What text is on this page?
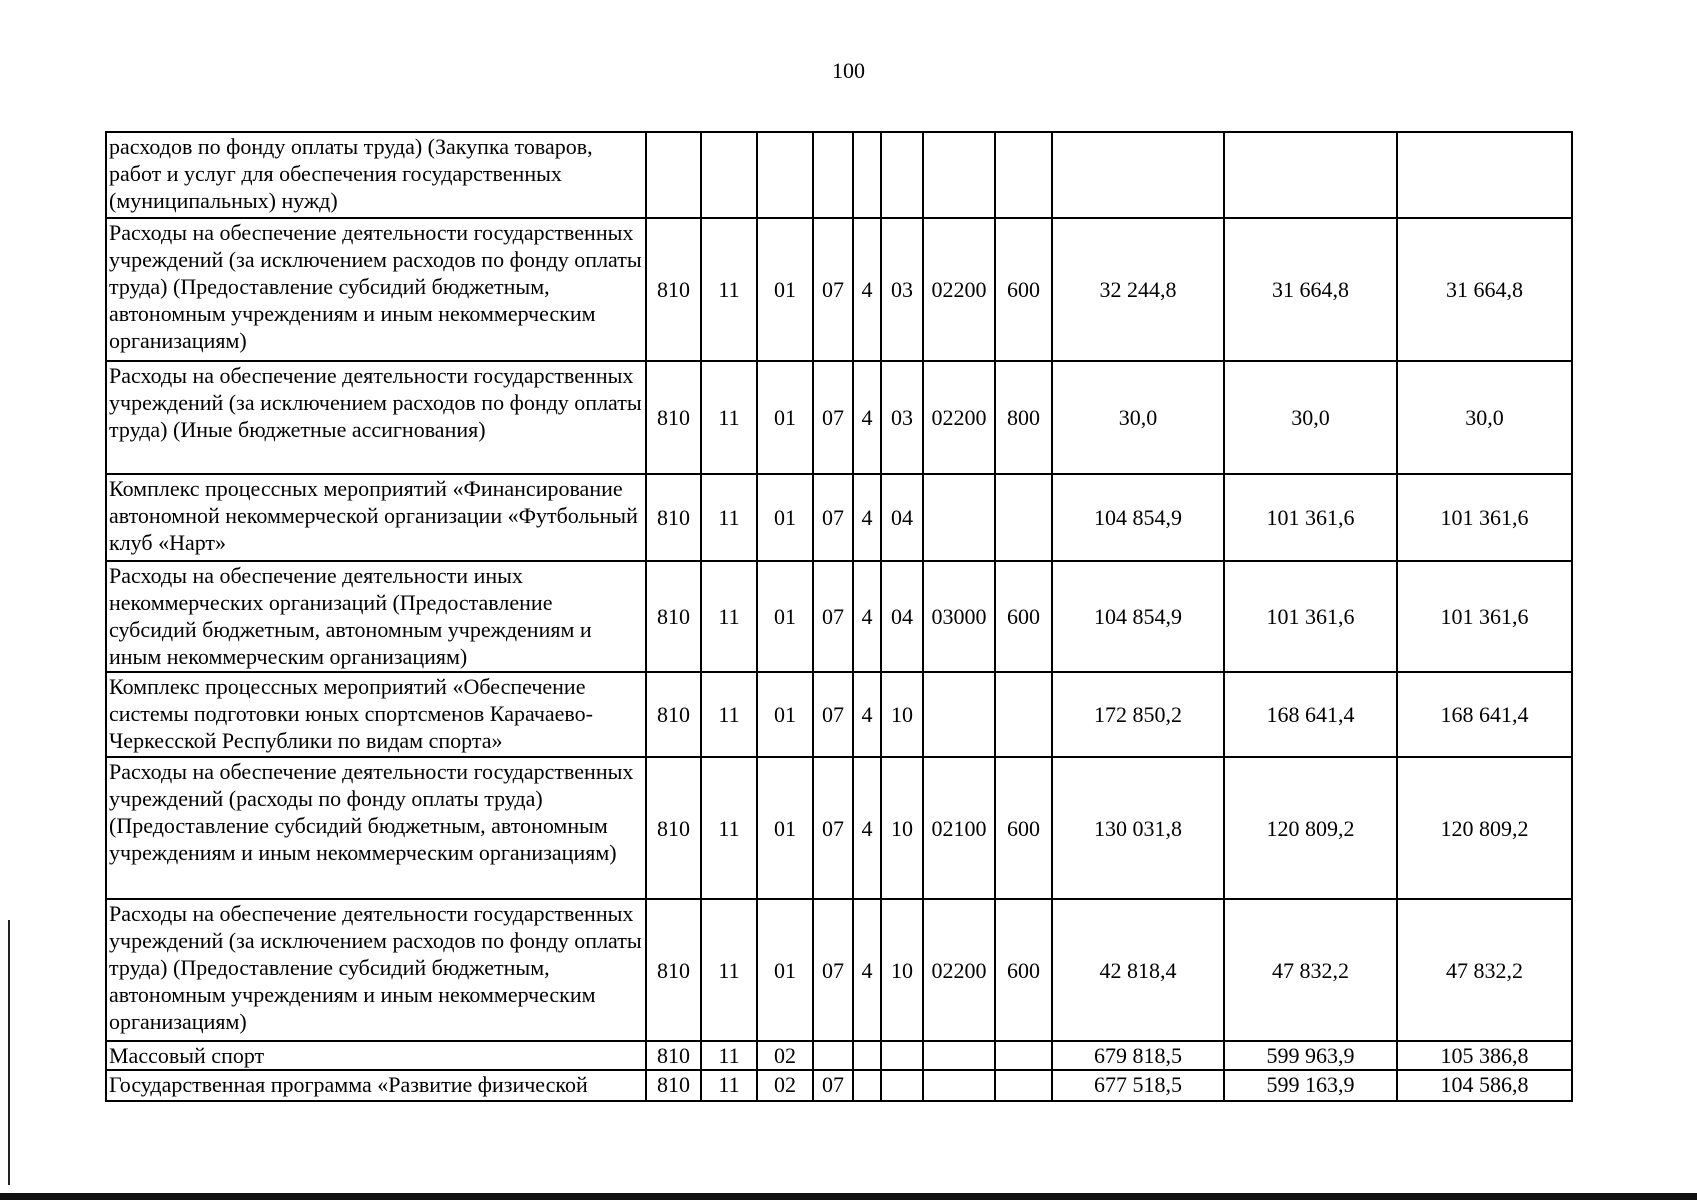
100
расходов по фонду оплаты труда) (Закупка товаров, работ и услуг для обеспечения государственных (муниципальных) нужд)											
Расходы на обеспечение деятельности государственных учреждений (за исключением расходов по фонду оплаты труда) (Предоставление субсидий бюджетным, автономным учреждениям и иным некоммерческим организациям)	810	11	01	07	4	03	02200	600	32 244,8	31 664,8	31 664,8
Расходы на обеспечение деятельности государственных учреждений (за исключением расходов по фонду оплаты труда) (Иные бюджетные ассигнования)	810	11	01	07	4	03	02200	800	30,0	30,0	30,0
Комплекс процессных мероприятий «Финансирование автономной некоммерческой организации «Футбольный клуб «Нарт»	810	11	01	07	4	04			104 854,9	101 361,6	101 361,6
Расходы на обеспечение деятельности иных некоммерческих организаций (Предоставление субсидий бюджетным, автономным учреждениям и иным некоммерческим организациям)	810	11	01	07	4	04	03000	600	104 854,9	101 361,6	101 361,6
Комплекс процессных мероприятий «Обеспечение системы подготовки юных спортсменов Карачаево-Черкесской Республики по видам спорта»	810	11	01	07	4	10			172 850,2	168 641,4	168 641,4
Расходы на обеспечение деятельности государственных учреждений (расходы по фонду оплаты труда) (Предоставление субсидий бюджетным, автономным учреждениям и иным некоммерческим организациям)	810	11	01	07	4	10	02100	600	130 031,8	120 809,2	120 809,2
Расходы на обеспечение деятельности государственных учреждений (за исключением расходов по фонду оплаты труда) (Предоставление субсидий бюджетным, автономным учреждениям и иным некоммерческим организациям)	810	11	01	07	4	10	02200	600	42 818,4	47 832,2	47 832,2
Массовый спорт	810	11	02						679 818,5	599 963,9	105 386,8
Государственная программа «Развитие физической	810	11	02	07					677 518,5	599 163,9	104 586,8
